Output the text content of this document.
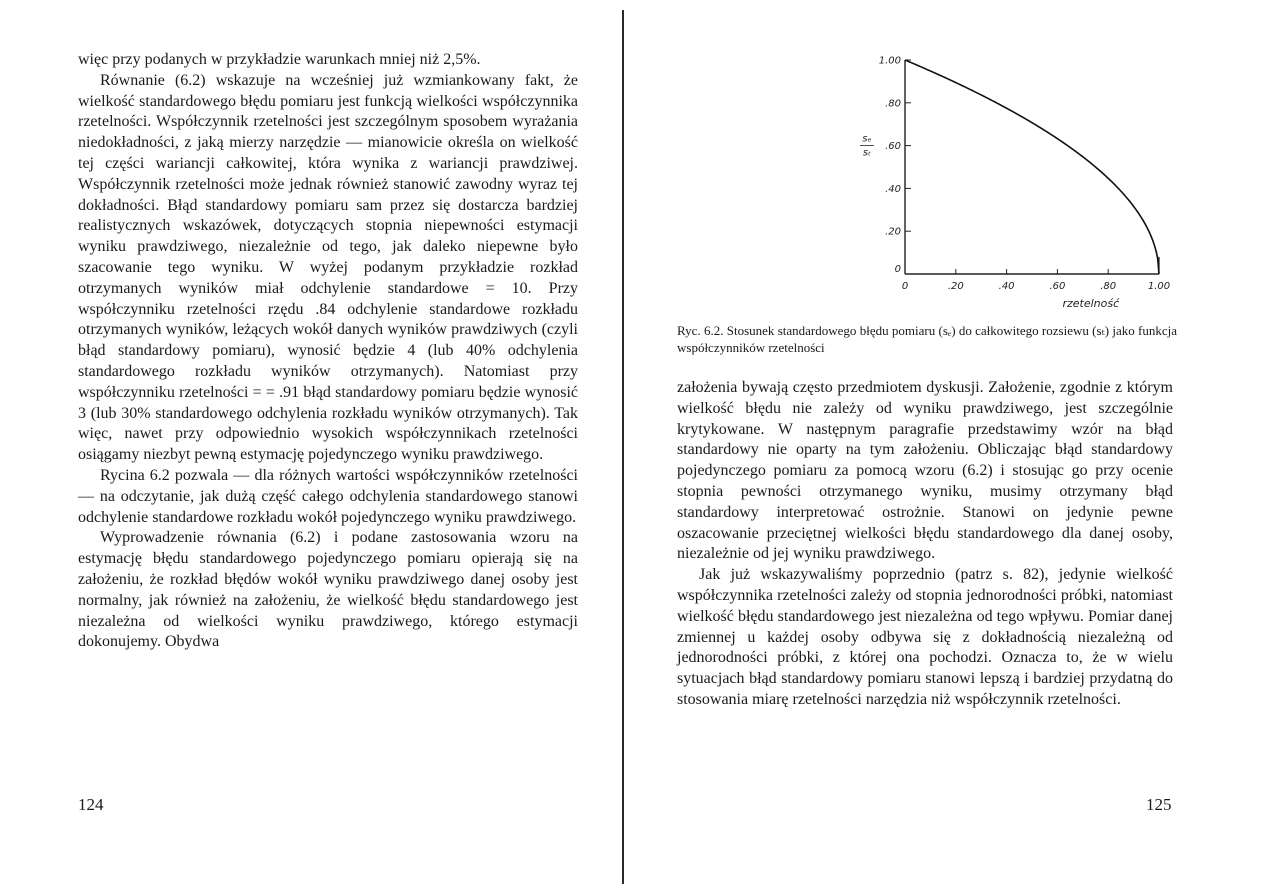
więc przy podanych w przykładzie warunkach mniej niż 2,5%.

Równanie (6.2) wskazuje na wcześniej już wzmiankowany fakt, że wielkość standardowego błędu pomiaru jest funkcją wielkości współczynnika rzetelności. Współczynnik rzetelności jest szczególnym sposobem wyrażania niedokładności, z jaką mierzy narzędzie — mianowicie określa on wielkość tej części wariancji całkowitej, która wynika z wariancji prawdziwej. Współczynnik rzetelności może jednak również stanowić zawodny wyraz tej dokładności. Błąd standardowy pomiaru sam przez się dostarcza bardziej realistycznych wskazówek, dotyczących stopnia niepewności estymacji wyniku prawdziwego, niezależnie od tego, jak daleko niepewne było szacowanie tego wyniku. W wyżej podanym przykładzie rozkład otrzymanych wyników miał odchylenie standardowe = 10. Przy współczynniku rzetelności rzędu .84 odchylenie standardowe rozkładu otrzymanych wyników, leżących wokół danych wyników prawdziwych (czyli błąd standardowy pomiaru), wynosić będzie 4 (lub 40% odchylenia standardowego rozkładu wyników otrzymanych). Natomiast przy współczynniku rzetelności = = .91 błąd standardowy pomiaru będzie wynosić 3 (lub 30% standardowego odchylenia rozkładu wyników otrzymanych). Tak więc, nawet przy odpowiednio wysokich współczynnikach rzetelności osiągamy niezbyt pewną estymację pojedynczego wyniku prawdziwego.

Rycina 6.2 pozwala — dla różnych wartości współczynników rzetelności — na odczytanie, jak dużą część całego odchylenia standardowego stanowi odchylenie standardowe rozkładu wokół pojedynczego wyniku prawdziwego.

Wyprowadzenie równania (6.2) i podane zastosowania wzoru na estymację błędu standardowego pojedynczego pomiaru opierają się na założeniu, że rozkład błędów wokół wyniku prawdziwego danej osoby jest normalny, jak również na założeniu, że wielkość błędu standardowego jest niezależna od wielkości wyniku prawdziwego, którego estymacji dokonujemy. Obydwa

124
.20
.40
.60
.80
1.00
0
0	.20	.40	.60	.80	1.00
rzetelność
sₑ
sₜ
Ryc. 6.2. Stosunek standardowego błędu pomiaru (sₑ) do całkowitego rozsiewu (sₜ) jako funkcja współczynników rzetelności

założenia bywają często przedmiotem dyskusji. Założenie, zgodnie z którym wielkość błędu nie zależy od wyniku prawdziwego, jest szczególnie krytykowane. W następnym paragrafie przedstawimy wzór na błąd standardowy nie oparty na tym założeniu. Obliczając błąd standardowy pojedynczego pomiaru za pomocą wzoru (6.2) i stosując go przy ocenie stopnia pewności otrzymanego wyniku, musimy otrzymany błąd standardowy interpretować ostrożnie. Stanowi on jedynie pewne oszacowanie przeciętnej wielkości błędu standardowego dla danej osoby, niezależnie od jej wyniku prawdziwego.

Jak już wskazywaliśmy poprzednio (patrz s. 82), jedynie wielkość współczynnika rzetelności zależy od stopnia jednorodności próbki, natomiast wielkość błędu standardowego jest niezależna od tego wpływu. Pomiar danej zmiennej u każdej osoby odbywa się z dokładnością niezależną od jednorodności próbki, z której ona pochodzi. Oznacza to, że w wielu sytuacjach błąd standardowy pomiaru stanowi lepszą i bardziej przydatną do stosowania miarę rzetelności narzędzia niż współczynnik rzetelności.

125
